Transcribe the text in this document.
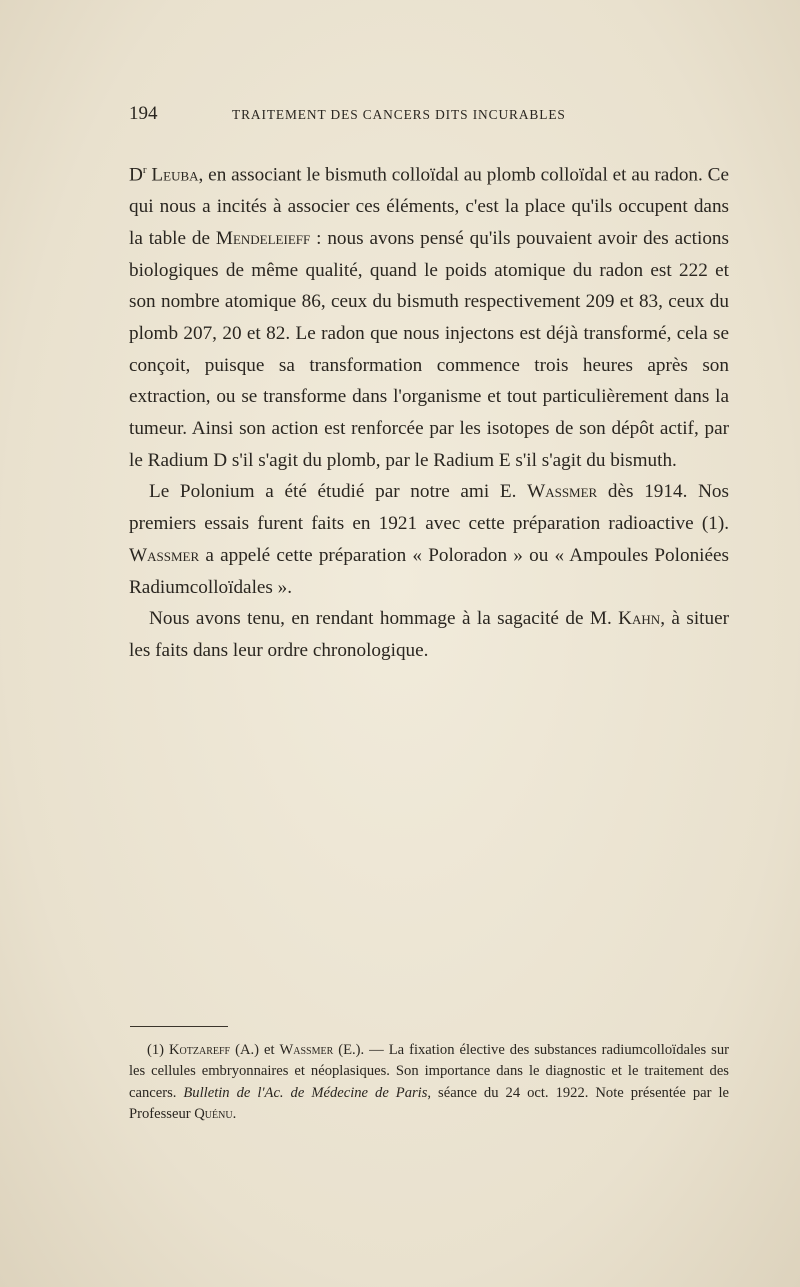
194	TRAITEMENT DES CANCERS DITS INCURABLES

$D^r$ Leuba, en associant le bismuth colloïdal au plomb colloïdal et au radon. Ce qui nous a incités à associer ces éléments, c'est la place qu'ils occupent dans la table de Mendeleieff : nous avons pensé qu'ils pouvaient avoir des actions biologiques de même qualité, quand le poids atomique du radon est 222 et son nombre atomique 86, ceux du bismuth respectivement 209 et 83, ceux du plomb 207, 20 et 82. Le radon que nous injectons est déjà transformé, cela se conçoit, puisque sa transformation commence trois heures après son extraction, ou se transforme dans l'organisme et tout particulièrement dans la tumeur. Ainsi son action est renforcée par les isotopes de son dépôt actif, par le Radium D s'il s'agit du plomb, par le Radium E s'il s'agit du bismuth.

Le Polonium a été étudié par notre ami E. Wassmer dès 1914. Nos premiers essais furent faits en 1921 avec cette préparation radioactive (1). Wassmer a appelé cette préparation « Poloradon » ou « Ampoules Poloniées Radiumcolloïdales ».

Nous avons tenu, en rendant hommage à la sagacité de M. Kahn, à situer les faits dans leur ordre chronologique.

(1) Kotzareff (A.) et Wassmer (E.). — La fixation élective des substances radiumcolloïdales sur les cellules embryonnaires et néoplasiques. Son importance dans le diagnostic et le traitement des cancers. Bulletin de l'Ac. de Médecine de Paris, séance du 24 oct. 1922. Note présentée par le Professeur Quénu.
